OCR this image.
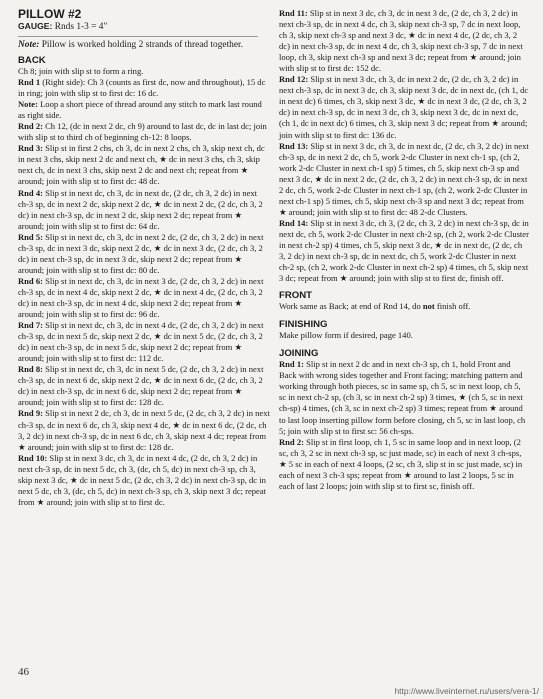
PILLOW #2

GAUGE: Rnds 1-3 = 4"

Note: Pillow is worked holding 2 strands of thread together.

BACK

Ch 8; join with slip st to form a ring.

Rnd 1 (Right side): Ch 3 (counts as first dc, now and throughout), 15 dc in ring; join with slip st to first dc: 16 dc.

Note: Loop a short piece of thread around any stitch to mark last round as right side.

Rnd 2: Ch 12, (dc in next 2 dc, ch 9) around to last dc, dc in last dc; join with slip st to third ch of beginning ch-12: 8 loops.

Rnd 3: Slip st in first 2 chs, ch 3, dc in next 2 chs, ch 3, skip next ch, dc in next 3 chs, skip next 2 dc and next ch, ★ dc in next 3 chs, ch 3, skip next ch, dc in next 3 chs, skip next 2 dc and next ch; repeat from ★ around; join with slip st to first dc: 48 dc.

Rnd 4: Slip st in next dc, ch 3, dc in next dc, (2 dc, ch 3, 2 dc) in next ch-3 sp, dc in next 2 dc, skip next 2 dc, ★ dc in next 2 dc, (2 dc, ch 3, 2 dc) in next ch-3 sp, dc in next 2 dc, skip next 2 dc; repeat from ★ around; join with slip st to first dc: 64 dc.

Rnd 5: Slip st in next dc, ch 3, dc in next 2 dc, (2 dc, ch 3, 2 dc) in next ch-3 sp, dc in next 3 dc, skip next 2 dc, ★ dc in next 3 dc, (2 dc, ch 3, 2 dc) in next ch-3 sp, dc in next 3 dc, skip next 2 dc; repeat from ★ around; join with slip st to first dc: 80 dc.

Rnd 6: Slip st in next dc, ch 3, dc in next 3 dc, (2 dc, ch 3, 2 dc) in next ch-3 sp, dc in next 4 dc, skip next 2 dc, ★ dc in next 4 dc, (2 dc, ch 3, 2 dc) in next ch-3 sp, dc in next 4 dc, skip next 2 dc; repeat from ★ around; join with slip st to first dc: 96 dc.

Rnd 7: Slip st in next dc, ch 3, dc in next 4 dc, (2 dc, ch 3, 2 dc) in next ch-3 sp, dc in next 5 dc, skip next 2 dc, ★ dc in next 5 dc, (2 dc, ch 3, 2 dc) in next ch-3 sp, dc in next 5 dc, skip next 2 dc; repeat from ★ around; join with slip st to first dc: 112 dc.

Rnd 8: Slip st in next dc, ch 3, dc in next 5 dc, (2 dc, ch 3, 2 dc) in next ch-3 sp, dc in next 6 dc, skip next 2 dc, ★ dc in next 6 dc, (2 dc, ch 3, 2 dc) in next ch-3 sp, dc in next 6 dc, skip next 2 dc; repeat from ★ around; join with slip st to first dc: 128 dc.

Rnd 9: Slip st in next 2 dc, ch 3, dc in next 5 dc, (2 dc, ch 3, 2 dc) in next ch-3 sp, dc in next 6 dc, ch 3, skip next 4 dc, ★ dc in next 6 dc, (2 dc, ch 3, 2 dc) in next ch-3 sp, dc in next 6 dc, ch 3, skip next 4 dc; repeat from ★ around; join with slip st to first dc: 128 dc.

Rnd 10: Slip st in next 3 dc, ch 3, dc in next 4 dc, (2 dc, ch 3, 2 dc) in next ch-3 sp, dc in next 5 dc, ch 3, (dc, ch 5, dc) in next ch-3 sp, ch 3, skip next 3 dc, ★ dc in next 5 dc, (2 dc, ch 3, 2 dc) in next ch-3 sp, dc in next 5 dc, ch 3, (dc, ch 5, dc) in next ch-3 sp, ch 3, skip next 3 dc; repeat from ★ around; join with slip st to first dc.

Rnd 11: Slip st in next 3 dc, ch 3, dc in next 3 dc, (2 dc, ch 3, 2 dc) in next ch-3 sp, dc in next 4 dc, ch 3, skip next ch-3 sp, 7 dc in next loop, ch 3, skip next ch-3 sp and next 3 dc, ★ dc in next 4 dc, (2 dc, ch 3, 2 dc) in next ch-3 sp, dc in next 4 dc, ch 3, skip next ch-3 sp, 7 dc in next loop, ch 3, skip next ch-3 sp and next 3 dc; repeat from ★ around; join with slip st to first dc: 152 dc.

Rnd 12: Slip st in next 3 dc, ch 3, dc in next 2 dc, (2 dc, ch 3, 2 dc) in next ch-3 sp, dc in next 3 dc, ch 3, skip next 3 dc, dc in next dc, (ch 1, dc in next dc) 6 times, ch 3, skip next 3 dc, ★ dc in next 3 dc, (2 dc, ch 3, 2 dc) in next ch-3 sp, dc in next 3 dc, ch 3, skip next 3 dc, dc in next dc, (ch 1, dc in next dc) 6 times, ch 3, skip next 3 dc; repeat from ★ around; join with slip st to first dc: 136 dc.

Rnd 13: Slip st in next 3 dc, ch 3, dc in next dc, (2 dc, ch 3, 2 dc) in next ch-3 sp, dc in next 2 dc, ch 5, work 2-dc Cluster in next ch-1 sp, (ch 2, work 2-dc Cluster in next ch-1 sp) 5 times, ch 5, skip next ch-3 sp and next 3 dc, ★ dc in next 2 dc, (2 dc, ch 3, 2 dc) in next ch-3 sp, dc in next 2 dc, ch 5, work 2-dc Cluster in next ch-1 sp, (ch 2, work 2-dc Cluster in next ch-1 sp) 5 times, ch 5, skip next ch-3 sp and next 3 dc; repeat from ★ around; join with slip st to first dc: 48 2-dc Clusters.

Rnd 14: Slip st in next 3 dc, ch 3, (2 dc, ch 3, 2 dc) in next ch-3 sp, dc in next dc, ch 5, work 2-dc Cluster in next ch-2 sp, (ch 2, work 2-dc Cluster in next ch-2 sp) 4 times, ch 5, skip next 3 dc, ★ dc in next dc, (2 dc, ch 3, 2 dc) in next ch-3 sp, dc in next dc, ch 5, work 2-dc Cluster in next ch-2 sp, (ch 2, work 2-dc Cluster in next ch-2 sp) 4 times, ch 5, skip next 3 dc; repeat from ★ around; join with slip st to first dc, finish off.

FRONT

Work same as Back; at end of Rnd 14, do not finish off.

FINISHING

Make pillow form if desired, page 140.

JOINING

Rnd 1: Slip st in next 2 dc and in next ch-3 sp, ch 1, hold Front and Back with wrong sides together and Front facing; matching pattern and working through both pieces, sc in same sp, ch 5, sc in next loop, ch 5, sc in next ch-2 sp, (ch 3, sc in next ch-2 sp) 3 times, ★ (ch 5, sc in next ch-sp) 4 times, (ch 3, sc in next ch-2 sp) 3 times; repeat from ★ around to last loop inserting pillow form before closing, ch 5, sc in last loop, ch 5; join with slip st to first sc: 56 ch-sps.

Rnd 2: Slip st in first loop, ch 1, 5 sc in same loop and in next loop, (2 sc, ch 3, 2 sc in next ch-3 sp, sc just made, sc) in each of next 3 ch-sps, ★ 5 sc in each of next 4 loops, (2 sc, ch 3, slip st in sc just made, sc) in each of next 3 ch-3 sps; repeat from ★ around to last 2 loops, 5 sc in each of last 2 loops; join with slip st to first sc, finish off.

46
http://www.liveinternet.ru/users/vera-1/
